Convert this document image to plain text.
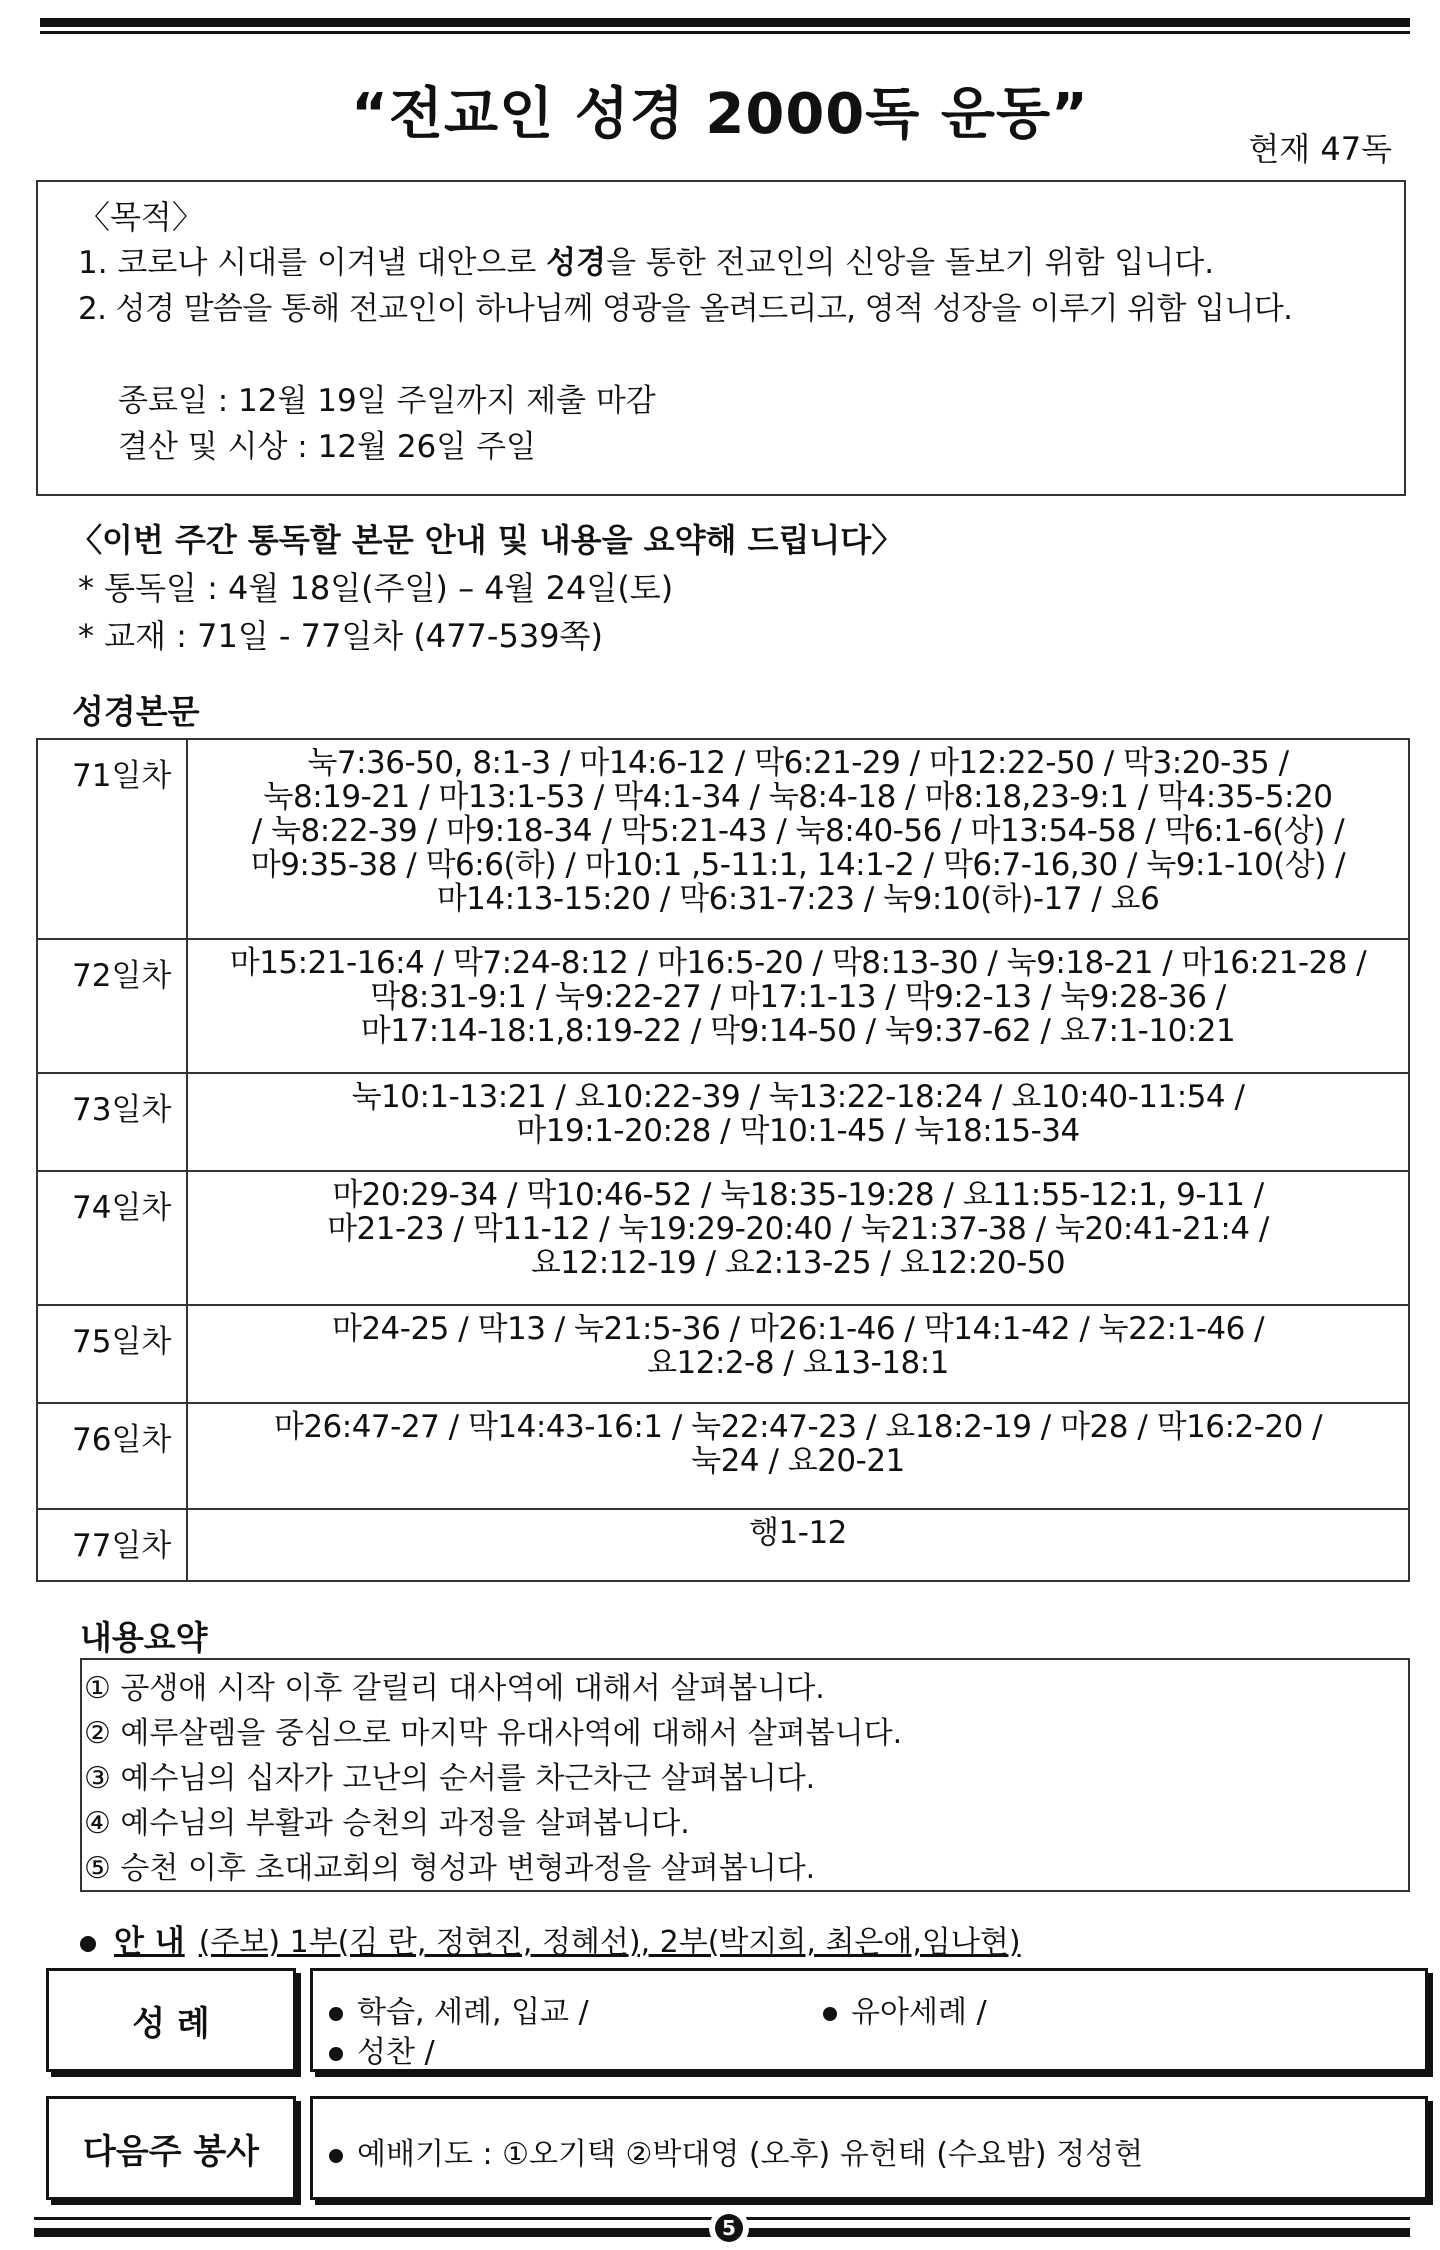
“전교인 성경 2000독 운동”
현재 47독
〈목적〉
1. 코로나 시대를 이겨낼 대안으로 성경을 통한 전교인의 신앙을 돌보기 위함 입니다.
2. 성경 말씀을 통해 전교인이 하나님께 영광을 올려드리고, 영적 성장을 이루기 위함 입니다.
종료일 : 12월 19일 주일까지 제출 마감
결산 및 시상 : 12월 26일 주일
〈이번 주간 통독할 본문 안내 및 내용을 요약해 드립니다〉
* 통독일 : 4월 18일(주일) – 4월 24일(토)
* 교재 : 71일 - 77일차 (477-539쪽)
성경본문
71일차	눅7:36-50, 8:1-3 / 마14:6-12 / 막6:21-29 / 마12:22-50 / 막3:20-35 /
눅8:19-21 / 마13:1-53 / 막4:1-34 / 눅8:4-18 / 마8:18,23-9:1 / 막4:35-5:20
/ 눅8:22-39 / 마9:18-34 / 막5:21-43 / 눅8:40-56 / 마13:54-58 / 막6:1-6(상) /
마9:35-38 / 막6:6(하) / 마10:1 ,5-11:1, 14:1-2 / 막6:7-16,30 / 눅9:1-10(상) /
마14:13-15:20 / 막6:31-7:23 / 눅9:10(하)-17 / 요6

72일차	마15:21-16:4 / 막7:24-8:12 / 마16:5-20 / 막8:13-30 / 눅9:18-21 / 마16:21-28 /
막8:31-9:1 / 눅9:22-27 / 마17:1-13 / 막9:2-13 / 눅9:28-36 /
마17:14-18:1,8:19-22 / 막9:14-50 / 눅9:37-62 / 요7:1-10:21

73일차	눅10:1-13:21 / 요10:22-39 / 눅13:22-18:24 / 요10:40-11:54 /
마19:1-20:28 / 막10:1-45 / 눅18:15-34

74일차	마20:29-34 / 막10:46-52 / 눅18:35-19:28 / 요11:55-12:1, 9-11 /
마21-23 / 막11-12 / 눅19:29-20:40 / 눅21:37-38 / 눅20:41-21:4 /
요12:12-19 / 요2:13-25 / 요12:20-50

75일차	마24-25 / 막13 / 눅21:5-36 / 마26:1-46 / 막14:1-42 / 눅22:1-46 /
요12:2-8 / 요13-18:1

76일차	마26:47-27 / 막14:43-16:1 / 눅22:47-23 / 요18:2-19 / 마28 / 막16:2-20 /
눅24 / 요20-21

77일차	행1-12
내용요약
① 공생애 시작 이후 갈릴리 대사역에 대해서 살펴봅니다.
② 예루살렘을 중심으로 마지막 유대사역에 대해서 살펴봅니다.
③ 예수님의 십자가 고난의 순서를 차근차근 살펴봅니다.
④ 예수님의 부활과 승천의 과정을 살펴봅니다.
⑤ 승천 이후 초대교회의 형성과 변형과정을 살펴봅니다.
안 내 (주보) 1부(김 란, 정현진, 정혜선), 2부(박지희, 최은애,임나현)
성 례	학습, 세례, 입교 /	유아세례 /
성찬 /
다음주 봉사	예배기도 : ①오기택 ②박대영 (오후) 유헌태 (수요밤) 정성현
5
